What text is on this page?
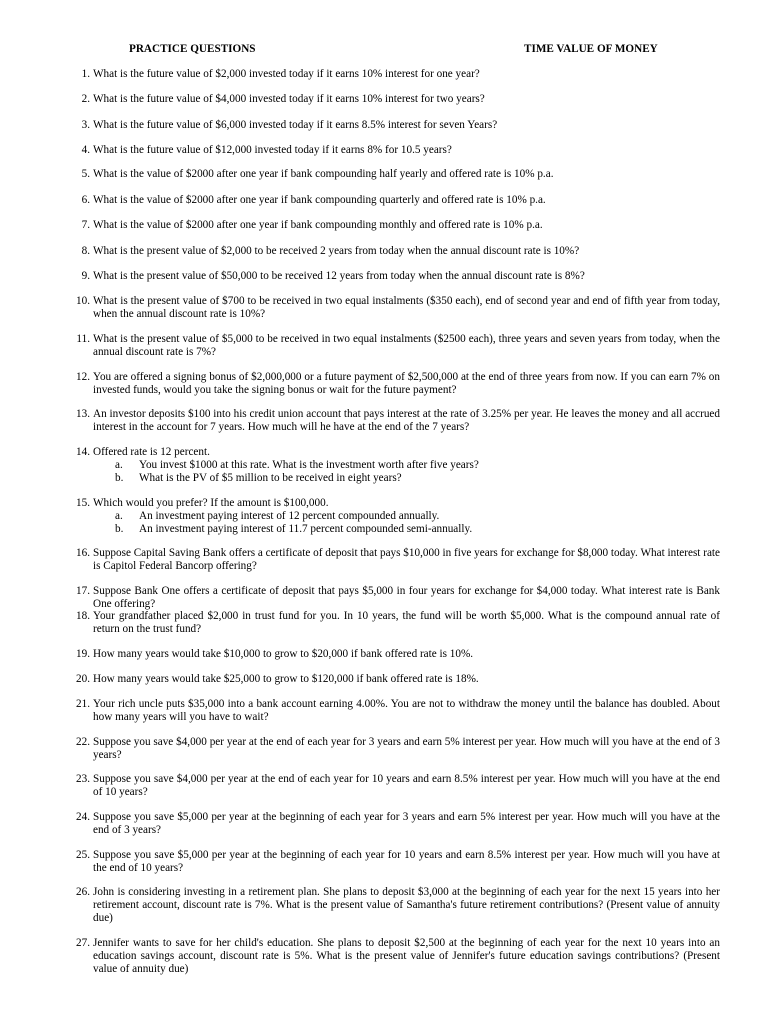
PRACTICE QUESTIONS	TIME VALUE OF MONEY
1. What is the future value of $2,000 invested today if it earns 10% interest for one year?
2. What is the future value of $4,000 invested today if it earns 10% interest for two years?
3. What is the future value of $6,000 invested today if it earns 8.5% interest for seven Years?
4. What is the future value of $12,000 invested today if it earns 8% for 10.5 years?
5. What is the value of $2000 after one year if bank compounding half yearly and offered rate is 10% p.a.
6. What is the value of $2000 after one year if bank compounding quarterly and offered rate is 10% p.a.
7. What is the value of $2000 after one year if bank compounding monthly and offered rate is 10% p.a.
8. What is the present value of $2,000 to be received 2 years from today when the annual discount rate is 10%?
9. What is the present value of $50,000 to be received 12 years from today when the annual discount rate is 8%?
10. What is the present value of $700 to be received in two equal instalments ($350 each), end of second year and end of fifth year from today, when the annual discount rate is 10%?
11. What is the present value of $5,000 to be received in two equal instalments ($2500 each), three years and seven years from today, when the annual discount rate is 7%?
12. You are offered a signing bonus of $2,000,000 or a future payment of $2,500,000 at the end of three years from now. If you can earn 7% on invested funds, would you take the signing bonus or wait for the future payment?
13. An investor deposits $100 into his credit union account that pays interest at the rate of 3.25% per year. He leaves the money and all accrued interest in the account for 7 years. How much will he have at the end of the 7 years?
14. Offered rate is 12 percent.
a. You invest $1000 at this rate. What is the investment worth after five years?
b. What is the PV of $5 million to be received in eight years?
15. Which would you prefer? If the amount is $100,000.
a. An investment paying interest of 12 percent compounded annually.
b. An investment paying interest of 11.7 percent compounded semi-annually.
16. Suppose Capital Saving Bank offers a certificate of deposit that pays $10,000 in five years for exchange for $8,000 today. What interest rate is Capitol Federal Bancorp offering?
17. Suppose Bank One offers a certificate of deposit that pays $5,000 in four years for exchange for $4,000 today. What interest rate is Bank One offering?
18. Your grandfather placed $2,000 in trust fund for you. In 10 years, the fund will be worth $5,000. What is the compound annual rate of return on the trust fund?
19. How many years would take $10,000 to grow to $20,000 if bank offered rate is 10%.
20. How many years would take $25,000 to grow to $120,000 if bank offered rate is 18%.
21. Your rich uncle puts $35,000 into a bank account earning 4.00%. You are not to withdraw the money until the balance has doubled. About how many years will you have to wait?
22. Suppose you save $4,000 per year at the end of each year for 3 years and earn 5% interest per year. How much will you have at the end of 3 years?
23. Suppose you save $4,000 per year at the end of each year for 10 years and earn 8.5% interest per year. How much will you have at the end of 10 years?
24. Suppose you save $5,000 per year at the beginning of each year for 3 years and earn 5% interest per year. How much will you have at the end of 3 years?
25. Suppose you save $5,000 per year at the beginning of each year for 10 years and earn 8.5% interest per year. How much will you have at the end of 10 years?
26. John is considering investing in a retirement plan. She plans to deposit $3,000 at the beginning of each year for the next 15 years into her retirement account, discount rate is 7%. What is the present value of Samantha's future retirement contributions? (Present value of annuity due)
27. Jennifer wants to save for her child's education. She plans to deposit $2,500 at the beginning of each year for the next 10 years into an education savings account, discount rate is 5%. What is the present value of Jennifer's future education savings contributions? (Present value of annuity due)
